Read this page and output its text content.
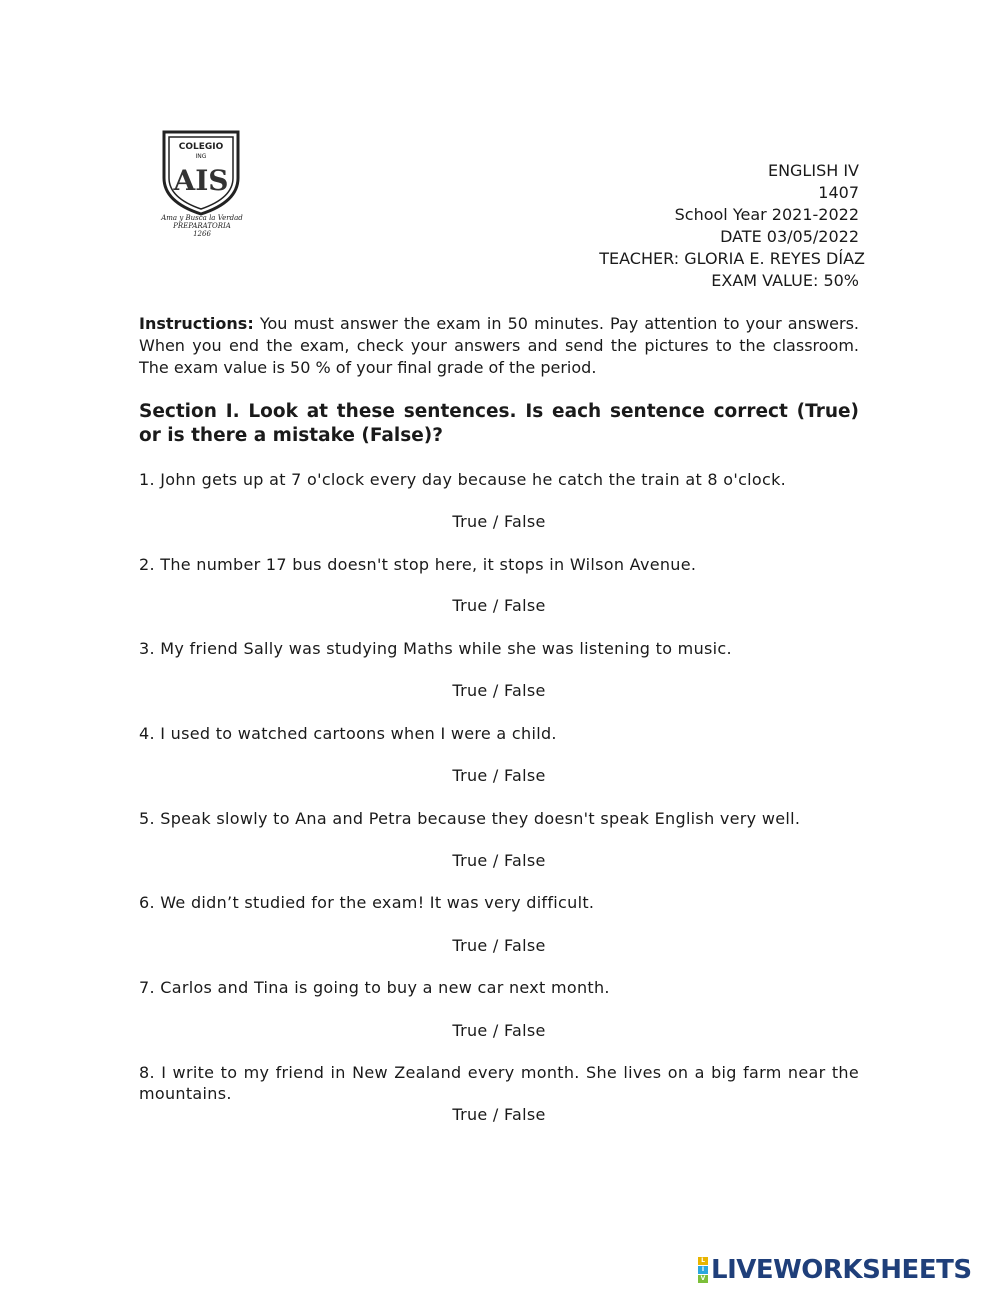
COLEGIO
ING
AIS
Ama y Busca la Verdad
PREPARATORIA
1266
ENGLISH IV
1407
School Year 2021-2022
DATE 03/05/2022
TEACHER: GLORIA E. REYES DÍAZ
EXAM VALUE: 50%
Instructions: You must answer the exam in 50 minutes. Pay attention to your answers. When you end the exam, check your answers and send the pictures to the classroom. The exam value is 50 % of your final grade of the period.
Section I. Look at these sentences. Is each sentence correct (True) or is there a mistake (False)?
1. John gets up at 7 o'clock every day because he catch the train at 8 o'clock.
True / False
2. The number 17 bus doesn't stop here, it stops in Wilson Avenue.
True / False
3. My friend Sally was studying Maths while she was listening to music.
True / False
4. I used to watched cartoons when I were a child.
True / False
5. Speak slowly to Ana and Petra because they doesn't speak English very well.
True / False
6. We didn’t studied for the exam! It was very difficult.
True / False
7. Carlos and Tina is going to buy a new car next month.
True / False
8. I write to my friend in New Zealand every month. She lives on a big farm near the mountains.
True / False
L
I
V LIVEWORKSHEETS
